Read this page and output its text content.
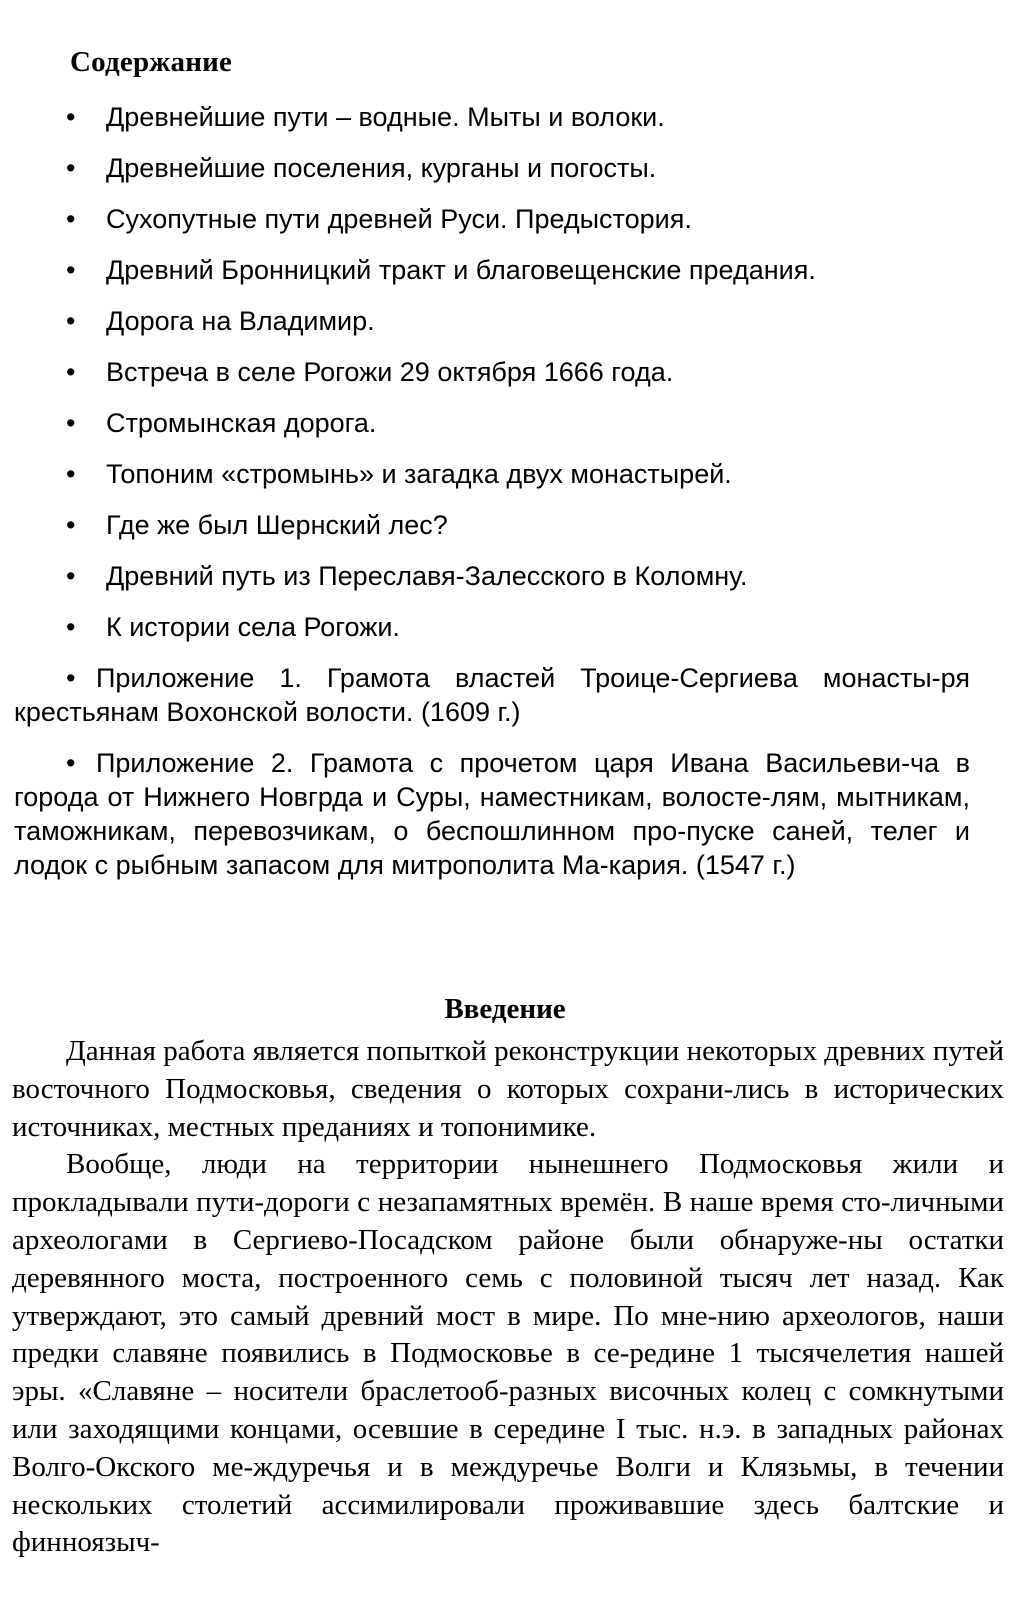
Содержание
• Древнейшие пути – водные. Мыты и волоки.
• Древнейшие поселения, курганы и погосты.
• Сухопутные пути древней Руси. Предыстория.
• Древний Бронницкий тракт и благовещенские предания.
• Дорога на Владимир.
• Встреча в селе Рогожи 29 октября 1666 года.
• Стромынская дорога.
• Топоним «стромынь» и загадка двух монастырей.
• Где же был Шернский лес?
• Древний путь из Переславя-Залесского в Коломну.
• К истории села Рогожи.
• Приложение 1. Грамота властей Троице-Сергиева монасты-ря крестьянам Вохонской волости. (1609 г.)
• Приложение 2. Грамота с прочетом царя Ивана Васильеви-ча в города от Нижнего Новгрда и Суры, наместникам, волосте-лям, мытникам, таможникам, перевозчикам, о беспошлинном про-пуске саней, телег и лодок с рыбным запасом для митрополита Ма-кария. (1547 г.)
Введение

Данная работа является попыткой реконструкции некоторых древних путей восточного Подмосковья, сведения о которых сохрани-лись в исторических источниках, местных преданиях и топонимике.

Вообще, люди на территории нынешнего Подмосковья жили и прокладывали пути-дороги с незапамятных времён. В наше время сто-личными археологами в Сергиево-Посадском районе были обнаруже-ны остатки деревянного моста, построенного семь с половиной тысяч лет назад. Как утверждают, это самый древний мост в мире. По мне-нию археологов, наши предки славяне появились в Подмосковье в се-редине 1 тысячелетия нашей эры. «Славяне – носители браслетооб-разных височных колец с сомкнутыми или заходящими концами, осевшие в середине I тыс. н.э. в западных районах Волго-Окского ме-ждуречья и в междуречье Волги и Клязьмы, в течении нескольких столетий ассимилировали проживавшие здесь балтские и финноязыч-
